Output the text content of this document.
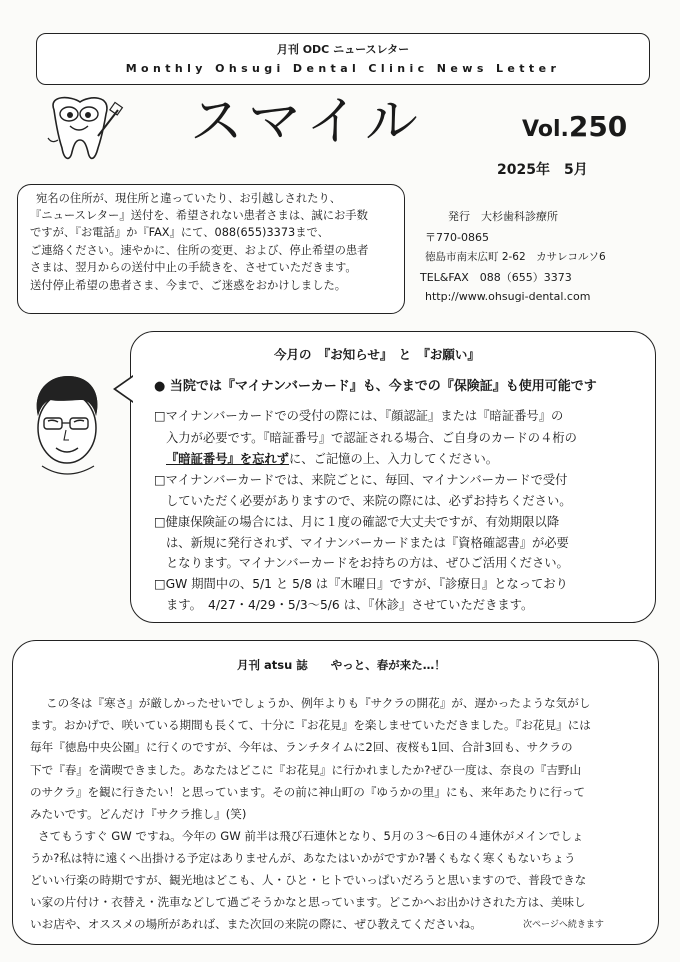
月刊 ODC ニュースレター
Monthly Ohsugi Dental Clinic News Letter
スマイル	Vol.250
2025年　5月

宛名の住所が、現住所と違っていたり、お引越しされたり、

『ニュースレター』送付を、希望されない患者さまは、誠にお手数

ですが、『お電話』か『FAX』にて、088(655)3373まで、

ご連絡ください。速やかに、住所の変更、および、停止希望の患者

さまは、翌月からの送付中止の手続きを、させていただきます。

送付停止希望の患者さま、今まで、ご迷惑をおかけしました。

発行　 大杉歯科診療所
〒770-0865
徳島市南末広町 2-62　カサレコルソ6
TEL&FAX　088（655）3373
http://www.ohsugi-dental.com
今月の　『お知らせ』　と　『お願い』
● 当院では『マイナンバーカード』も、今までの『保険証』も使用可能です
□マイナンバーカードでの受付の際には、『顔認証』または『暗証番号』の
入力が必要です。『暗証番号』で認証される場合、ご自身のカードの４桁の
『暗証番号』を忘れずに、ご記憶の上、入力してください。
□マイナンバーカードでは、来院ごとに、毎回、マイナンバーカードで受付
していただく必要がありますので、来院の際には、必ずお持ちください。
□健康保険証の場合には、月に１度の確認で大丈夫ですが、有効期限以降
は、新規に発行されず、マイナンバーカードまたは『資格確認書』が必要
となります。マイナンバーカードをお持ちの方は、ぜひご活用ください。
□GW 期間中の、5/1 と 5/8 は『木曜日』ですが、『診療日』となっており
ます。　4/27・4/29・5/3〜5/6 は、『休診』させていただきます。
月刊 atsu 誌　　やっと、春が来た…！
この冬は『寒さ』が厳しかったせいでしょうか、例年よりも『サクラの開花』が、遅かったような気がし
ます。おかげで、咲いている期間も長くて、十分に『お花見』を楽しませていただきました。『お花見』には
毎年『徳島中央公園』に行くのですが、今年は、ランチタイムに2回、夜桜も1回、合計3回も、サクラの
下で『春』を満喫できました。あなたはどこに『お花見』に行かれましたか?ぜひ一度は、奈良の『吉野山
のサクラ』を観に行きたい！と思っています。その前に神山町の『ゆうかの里』にも、来年あたりに行って
みたいです。どんだけ『サクラ推し』(笑)
さてもうすぐ GW ですね。今年の GW 前半は飛び石連休となり、5月の３〜6日の４連休がメインでしょ
うか?私は特に遠くへ出掛ける予定はありませんが、あなたはいかがですか?暑くもなく寒くもないちょう
どいい行楽の時期ですが、観光地はどこも、人・ひと・ヒトでいっぱいだろうと思いますので、普段できな
い家の片付け・衣替え・洗車などして過ごそうかなと思っています。どこかへお出かけされた方は、美味し
いお店や、オススメの場所があれば、また次回の来院の際に、ぜひ教えてくださいね。	次ページへ続きます
